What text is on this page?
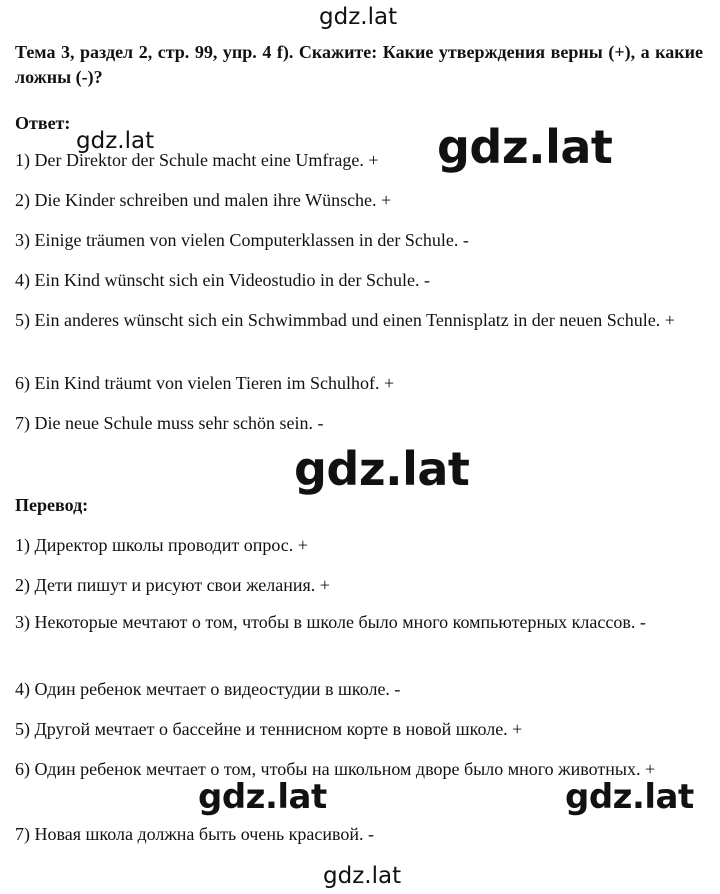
Тема 3, раздел 2, стр. 99, упр. 4 f). Скажите: Какие утверждения верны (+), а какие ложны (-)?
Ответ:
1) Der Direktor der Schule macht eine Umfrage. +
2) Die Kinder schreiben und malen ihre Wünsche. +
3) Einige träumen von vielen Computerklassen in der Schule. -
4) Ein Kind wünscht sich ein Videostudio in der Schule. -
5) Ein anderes wünscht sich ein Schwimmbad und einen Tennisplatz in der neuen Schule. +
6) Ein Kind träumt von vielen Tieren im Schulhof. +
7) Die neue Schule muss sehr schön sein. -
Перевод:
1) Директор школы проводит опрос. +
2) Дети пишут и рисуют свои желания. +
3) Некоторые мечтают о том, чтобы в школе было много компьютерных классов. -
4) Один ребенок мечтает о видеостудии в школе. -
5) Другой мечтает о бассейне и теннисном корте в новой школе. +
6) Один ребенок мечтает о том, чтобы на школьном дворе было много животных. +
7) Новая школа должна быть очень красивой. -
gdz.lat
gdz.lat	gdz.lat
gdz.lat
gdz.lat	gdz.lat
gdz.lat
